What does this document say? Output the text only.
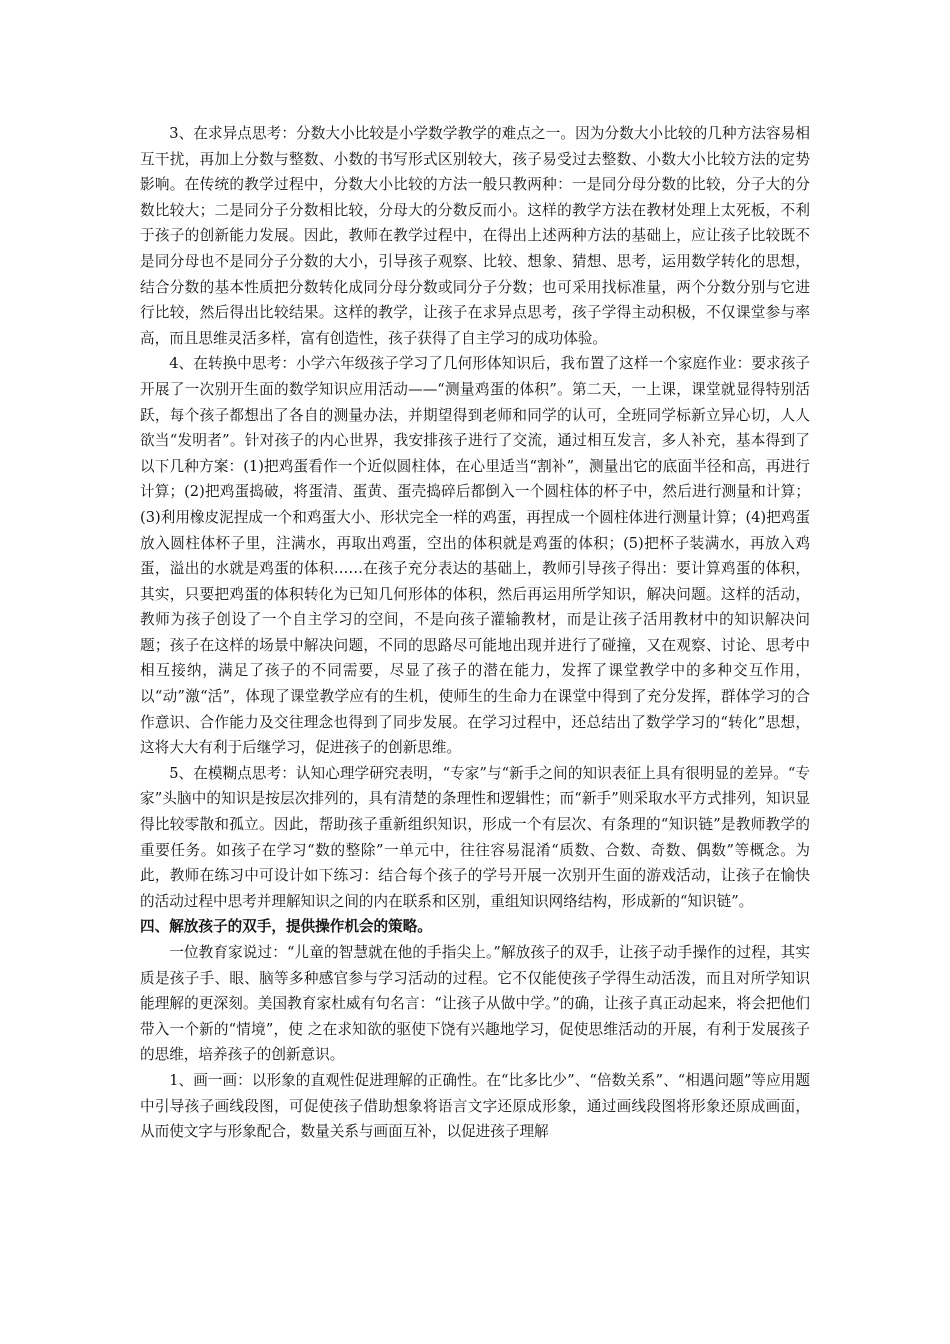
3、在求异点思考：分数大小比较是小学数学教学的难点之一。因为分数大小比较的几种方法容易相互干扰，再加上分数与整数、小数的书写形式区别较大，孩子易受过去整数、小数大小比较方法的定势影响。在传统的教学过程中，分数大小比较的方法一般只教两种：一是同分母分数的比较，分子大的分数比较大；二是同分子分数相比较，分母大的分数反而小。这样的教学方法在教材处理上太死板，不利于孩子的创新能力发展。因此，教师在教学过程中，在得出上述两种方法的基础上，应让孩子比较既不是同分母也不是同分子分数的大小，引导孩子观察、比较、想象、猜想、思考，运用数学转化的思想，结合分数的基本性质把分数转化成同分母分数或同分子分数；也可采用找标准量，两个分数分别与它进行比较，然后得出比较结果。这样的教学，让孩子在求异点思考，孩子学得主动积极，不仅课堂参与率高，而且思维灵活多样，富有创造性，孩子获得了自主学习的成功体验。

4、在转换中思考：小学六年级孩子学习了几何形体知识后，我布置了这样一个家庭作业：要求孩子开展了一次别开生面的数学知识应用活动——“测量鸡蛋的体积”。第二天，一上课，课堂就显得特别活跃，每个孩子都想出了各自的测量办法，并期望得到老师和同学的认可，全班同学标新立异心切，人人欲当“发明者”。针对孩子的内心世界，我安排孩子进行了交流，通过相互发言，多人补充，基本得到了以下几种方案：(1)把鸡蛋看作一个近似圆柱体，在心里适当“割补”，测量出它的底面半径和高，再进行计算；(2)把鸡蛋捣破，将蛋清、蛋黄、蛋壳捣碎后都倒入一个圆柱体的杯子中，然后进行测量和计算；(3)利用橡皮泥捏成一个和鸡蛋大小、形状完全一样的鸡蛋，再捏成一个圆柱体进行测量计算；(4)把鸡蛋放入圆柱体杯子里，注满水，再取出鸡蛋，空出的体积就是鸡蛋的体积；(5)把杯子装满水，再放入鸡蛋，溢出的水就是鸡蛋的体积……在孩子充分表达的基础上，教师引导孩子得出：要计算鸡蛋的体积，其实，只要把鸡蛋的体积转化为已知几何形体的体积，然后再运用所学知识，解决问题。这样的活动，教师为孩子创设了一个自主学习的空间，不是向孩子灌输教材，而是让孩子活用教材中的知识解决问题；孩子在这样的场景中解决问题，不同的思路尽可能地出现并进行了碰撞，又在观察、讨论、思考中相互接纳，满足了孩子的不同需要，尽显了孩子的潜在能力，发挥了课堂教学中的多种交互作用，以“动”激“活”，体现了课堂教学应有的生机，使师生的生命力在课堂中得到了充分发挥，群体学习的合作意识、合作能力及交往理念也得到了同步发展。在学习过程中，还总结出了数学学习的“转化”思想，这将大大有利于后继学习，促进孩子的创新思维。

5、在模糊点思考：认知心理学研究表明，“专家”与“新手之间的知识表征上具有很明显的差异。“专家”头脑中的知识是按层次排列的，具有清楚的条理性和逻辑性；而“新手”则采取水平方式排列，知识显得比较零散和孤立。因此，帮助孩子重新组织知识，形成一个有层次、有条理的“知识链”是教师教学的重要任务。如孩子在学习“数的整除”一单元中，往往容易混淆“质数、合数、奇数、偶数”等概念。为此，教师在练习中可设计如下练习：结合每个孩子的学号开展一次别开生面的游戏活动，让孩子在愉快的活动过程中思考并理解知识之间的内在联系和区别，重组知识网络结构，形成新的“知识链”。

四、解放孩子的双手，提供操作机会的策略。

一位教育家说过：“儿童的智慧就在他的手指尖上。”解放孩子的双手，让孩子动手操作的过程，其实质是孩子手、眼、脑等多种感官参与学习活动的过程。它不仅能使孩子学得生动活泼，而且对所学知识能理解的更深刻。美国教育家杜威有句名言：“让孩子从做中学。”的确，让孩子真正动起来，将会把他们带入一个新的“情境”，使 之在求知欲的驱使下饶有兴趣地学习，促使思维活动的开展，有利于发展孩子的思维，培养孩子的创新意识。

1、画一画：以形象的直观性促进理解的正确性。在“比多比少”、“倍数关系”、“相遇问题”等应用题中引导孩子画线段图，可促使孩子借助想象将语言文字还原成形象，通过画线段图将形象还原成画面，从而使文字与形象配合，数量关系与画面互补，以促进孩子理解
